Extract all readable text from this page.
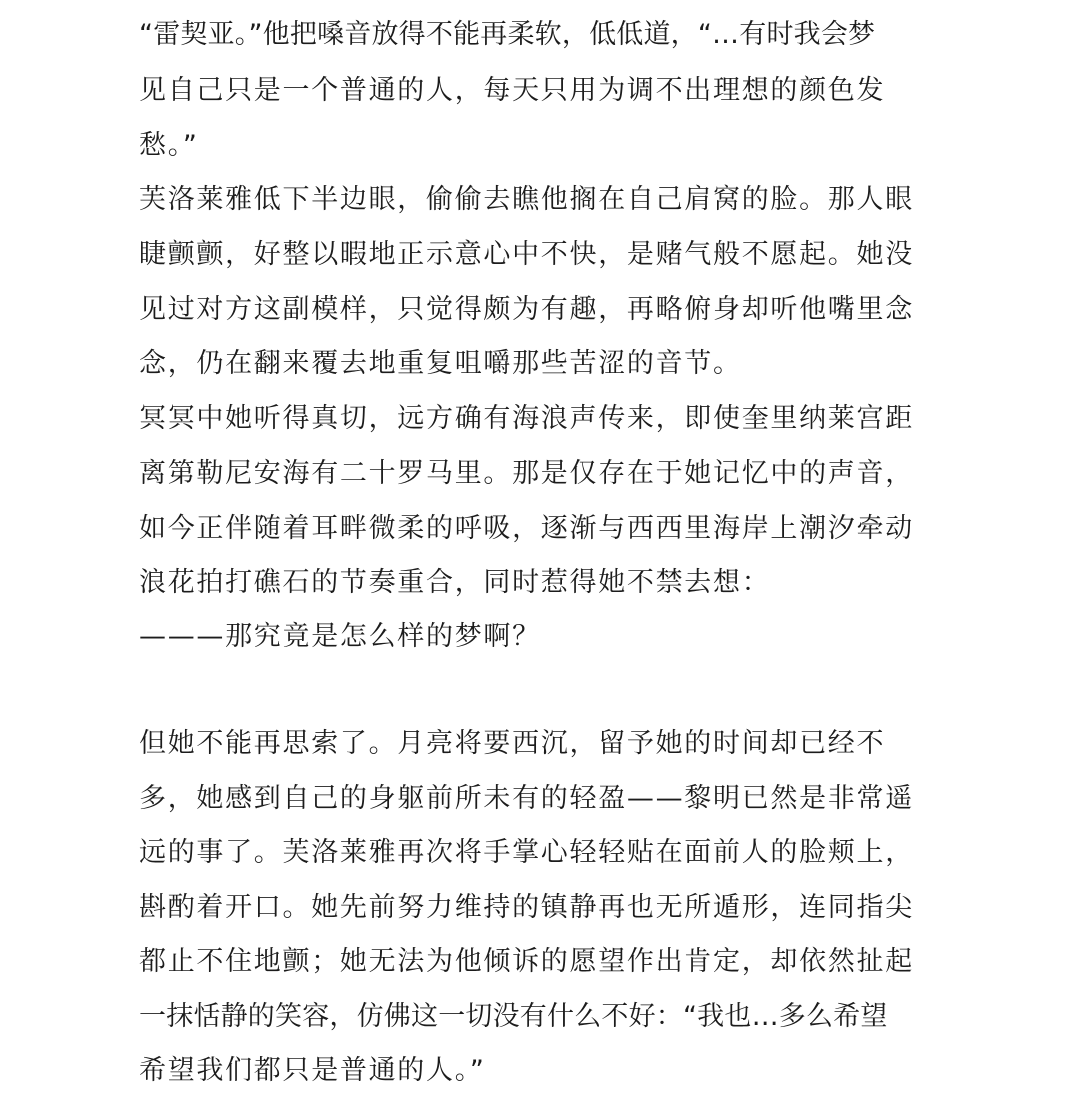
“雷契亚。”他把嗓音放得不能再柔软，低低道，“…有时我会梦
见自己只是一个普通的人，每天只用为调不出理想的颜色发
愁。”
芙洛莱雅低下半边眼，偷偷去瞧他搁在自己肩窝的脸。那人眼
睫颤颤，好整以暇地正示意心中不快，是赌气般不愿起。她没
见过对方这副模样，只觉得颇为有趣，再略俯身却听他嘴里念
念，仍在翻来覆去地重复咀嚼那些苦涩的音节。
冥冥中她听得真切，远方确有海浪声传来，即使奎里纳莱宫距
离第勒尼安海有二十罗马里。那是仅存在于她记忆中的声音，
如今正伴随着耳畔微柔的呼吸，逐渐与西西里海岸上潮汐牵动
浪花拍打礁石的节奏重合，同时惹得她不禁去想：
———那究竟是怎么样的梦啊？
但她不能再思索了。月亮将要西沉，留予她的时间却已经不
多，她感到自己的身躯前所未有的轻盈——黎明已然是非常遥
远的事了。芙洛莱雅再次将手掌心轻轻贴在面前人的脸颊上，
斟酌着开口。她先前努力维持的镇静再也无所遁形，连同指尖
都止不住地颤；她无法为他倾诉的愿望作出肯定，却依然扯起
一抹恬静的笑容，仿佛这一切没有什么不好：“我也…多么希望
希望我们都只是普通的人。”
